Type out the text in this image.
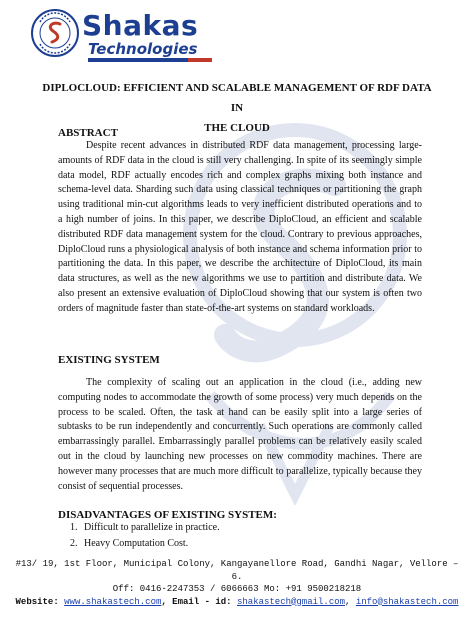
Shakas
Technologies
DIPLOCLOUD: EFFICIENT AND SCALABLE MANAGEMENT OF RDF DATA IN
THE CLOUD
ABSTRACT

Despite recent advances in distributed RDF data management, processing large-amounts of RDF data in the cloud is still very challenging. In spite of its seemingly simple data model, RDF actually encodes rich and complex graphs mixing both instance and schema-level data. Sharding such data using classical techniques or partitioning the graph using traditional min-cut algorithms leads to very inefficient distributed operations and to a high number of joins. In this paper, we describe DiploCloud, an efficient and scalable distributed RDF data management system for the cloud. Contrary to previous approaches, DiploCloud runs a physiological analysis of both instance and schema information prior to partitioning the data. In this paper, we describe the architecture of DiploCloud, its main data structures, as well as the new algorithms we use to partition and distribute data. We also present an extensive evaluation of DiploCloud showing that our system is often two orders of magnitude faster than state-of-the-art systems on standard workloads.

EXISTING SYSTEM

The complexity of scaling out an application in the cloud (i.e., adding new computing nodes to accommodate the growth of some process) very much depends on the process to be scaled. Often, the task at hand can be easily split into a large series of subtasks to be run independently and concurrently. Such operations are commonly called embarrassingly parallel. Embarrassingly parallel problems can be relatively easily scaled out in the cloud by launching new processes on new commodity machines. There are however many processes that are much more difficult to parallelize, typically because they consist of sequential processes.

DISADVANTAGES OF EXISTING SYSTEM:
1. Difficult to parallelize in practice.
2. Heavy Computation Cost.
#13/ 19, 1st Floor, Municipal Colony, Kangayanellore Road, Gandhi Nagar, Vellore – 6.
Off: 0416-2247353 / 6066663 Mo: +91 9500218218
Website: www.shakastech.com, Email - id: shakastech@gmail.com, info@shakastech.com
